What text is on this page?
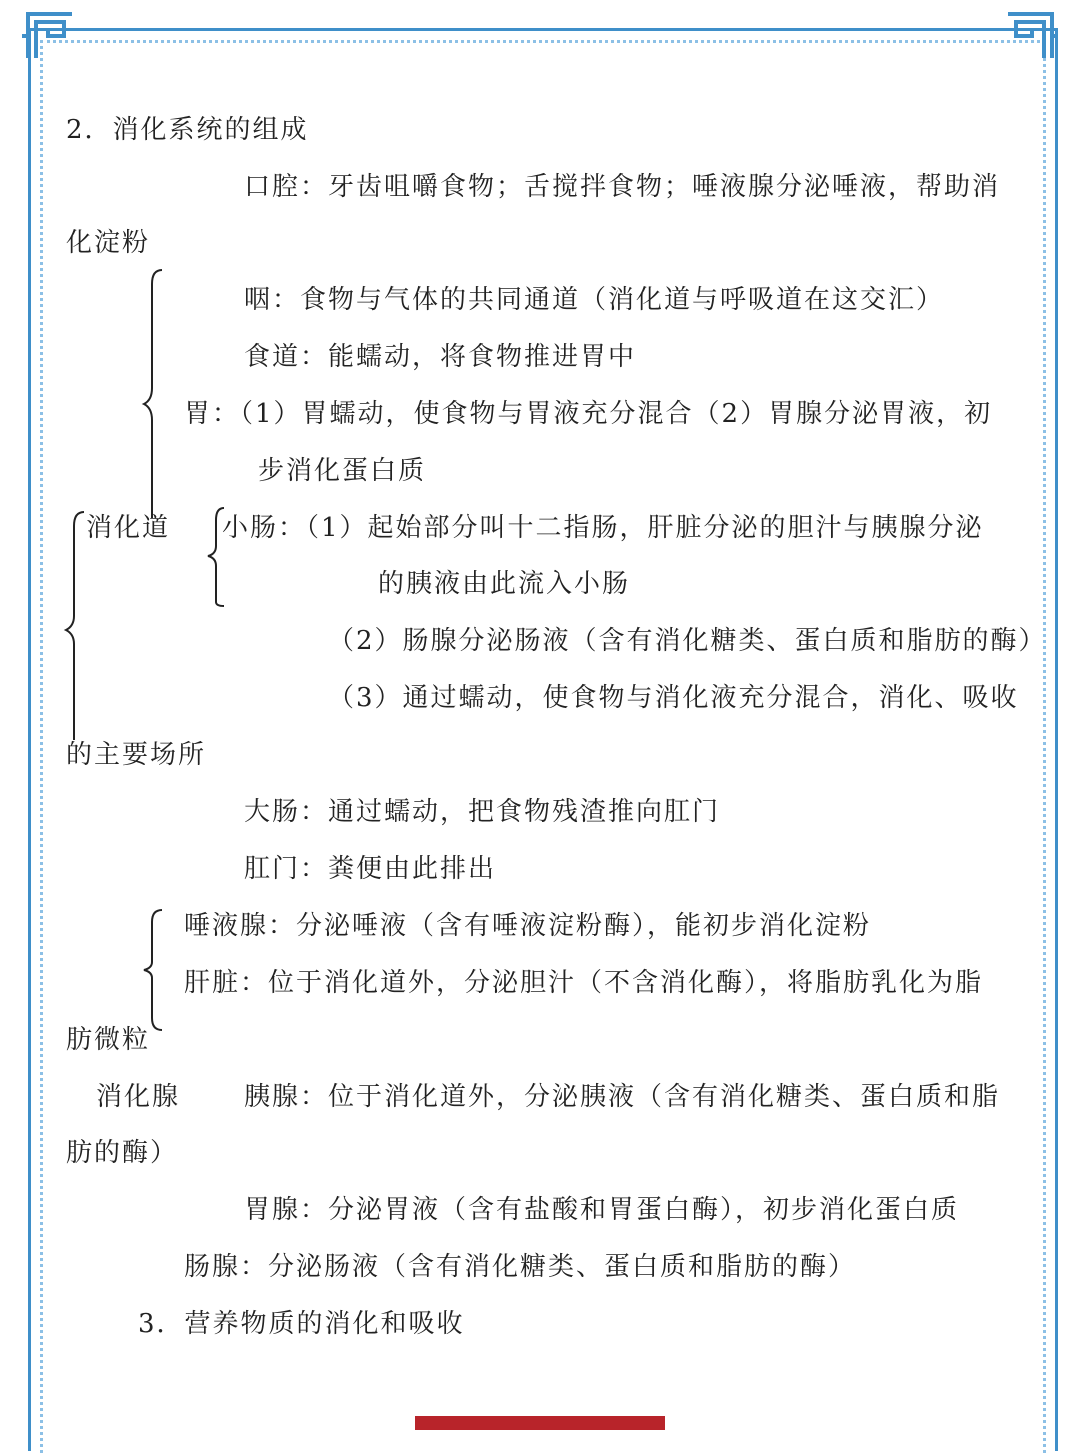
2．消化系统的组成
口腔：牙齿咀嚼食物；舌搅拌食物；唾液腺分泌唾液，帮助消
化淀粉
咽：食物与气体的共同通道（消化道与呼吸道在这交汇）
食道：能蠕动，将食物推进胃中
胃：（1）胃蠕动，使食物与胃液充分混合（2）胃腺分泌胃液，初
步消化蛋白质
消化道 小肠：（1）起始部分叫十二指肠，肝脏分泌的胆汁与胰腺分泌
的胰液由此流入小肠
（2）肠腺分泌肠液（含有消化糖类、蛋白质和脂肪的酶）
（3）通过蠕动，使食物与消化液充分混合，消化、吸收
的主要场所
大肠：通过蠕动，把食物残渣推向肛门
肛门：粪便由此排出
唾液腺：分泌唾液（含有唾液淀粉酶），能初步消化淀粉
肝脏：位于消化道外，分泌胆汁（不含消化酶），将脂肪乳化为脂
肪微粒
消化腺 胰腺：位于消化道外，分泌胰液（含有消化糖类、蛋白质和脂
肪的酶）
胃腺：分泌胃液（含有盐酸和胃蛋白酶），初步消化蛋白质
肠腺：分泌肠液（含有消化糖类、蛋白质和脂肪的酶）
3．营养物质的消化和吸收
